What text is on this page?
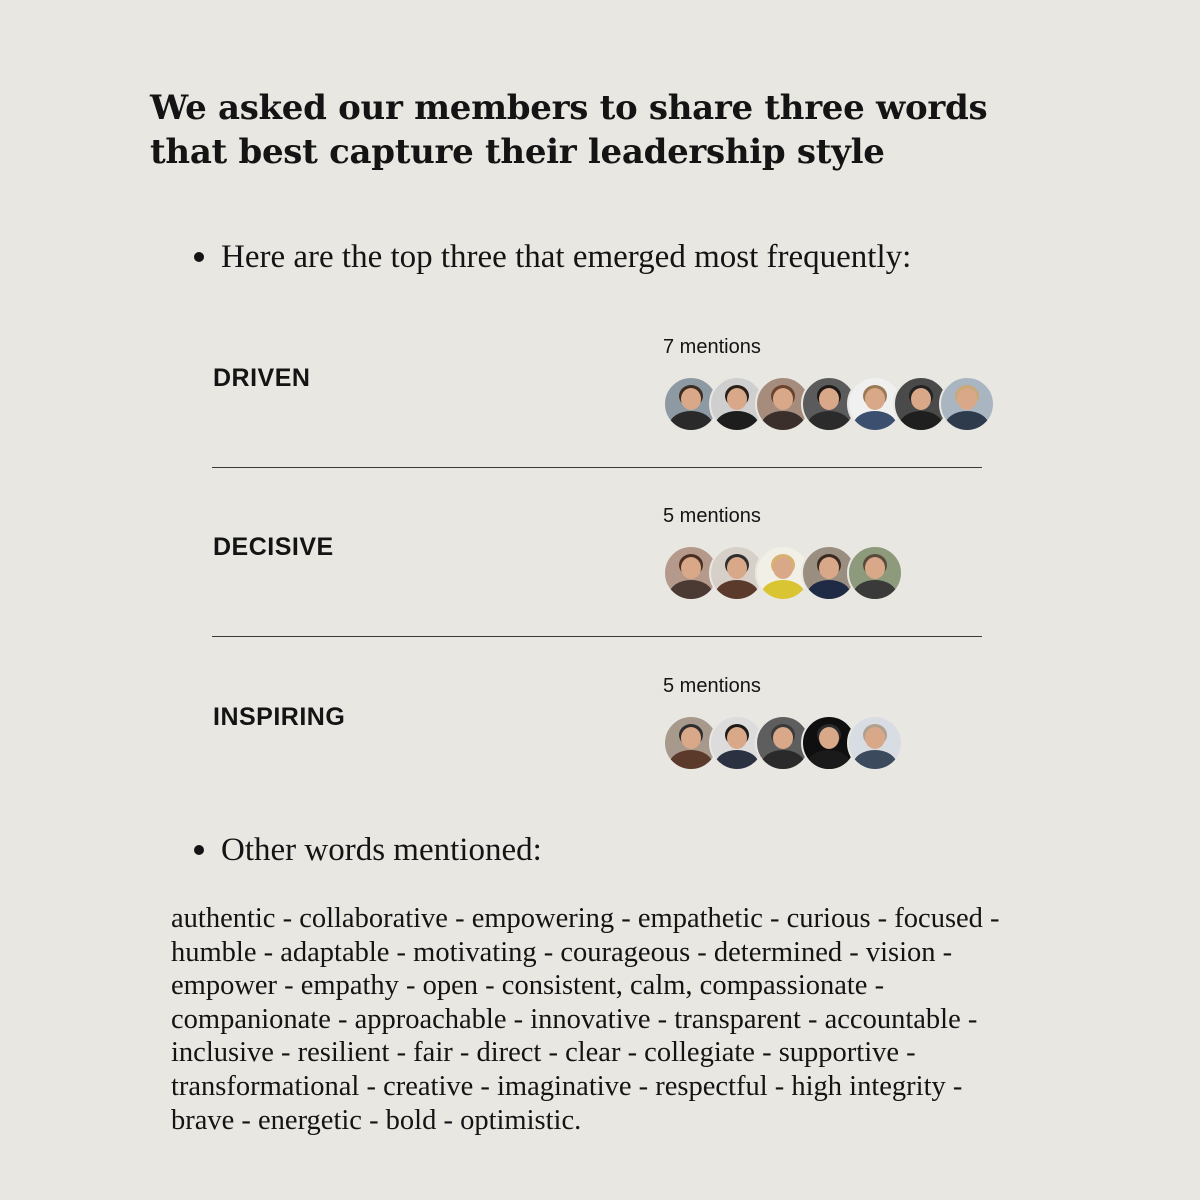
We asked our members to share three words that best capture their leadership style
Here are the top three that emerged most frequently:
DRIVEN
7 mentions
DECISIVE
5 mentions
INSPIRING
5 mentions
Other words mentioned:

authentic - collaborative - empowering - empathetic - curious - focused - humble - adaptable - motivating - courageous - determined - vision - empower - empathy - open - consistent, calm, compassionate - companionate - approachable - innovative - transparent - accountable - inclusive - resilient - fair - direct - clear - collegiate - supportive - transformational - creative - imaginative - respectful - high integrity - brave - energetic - bold - optimistic.
